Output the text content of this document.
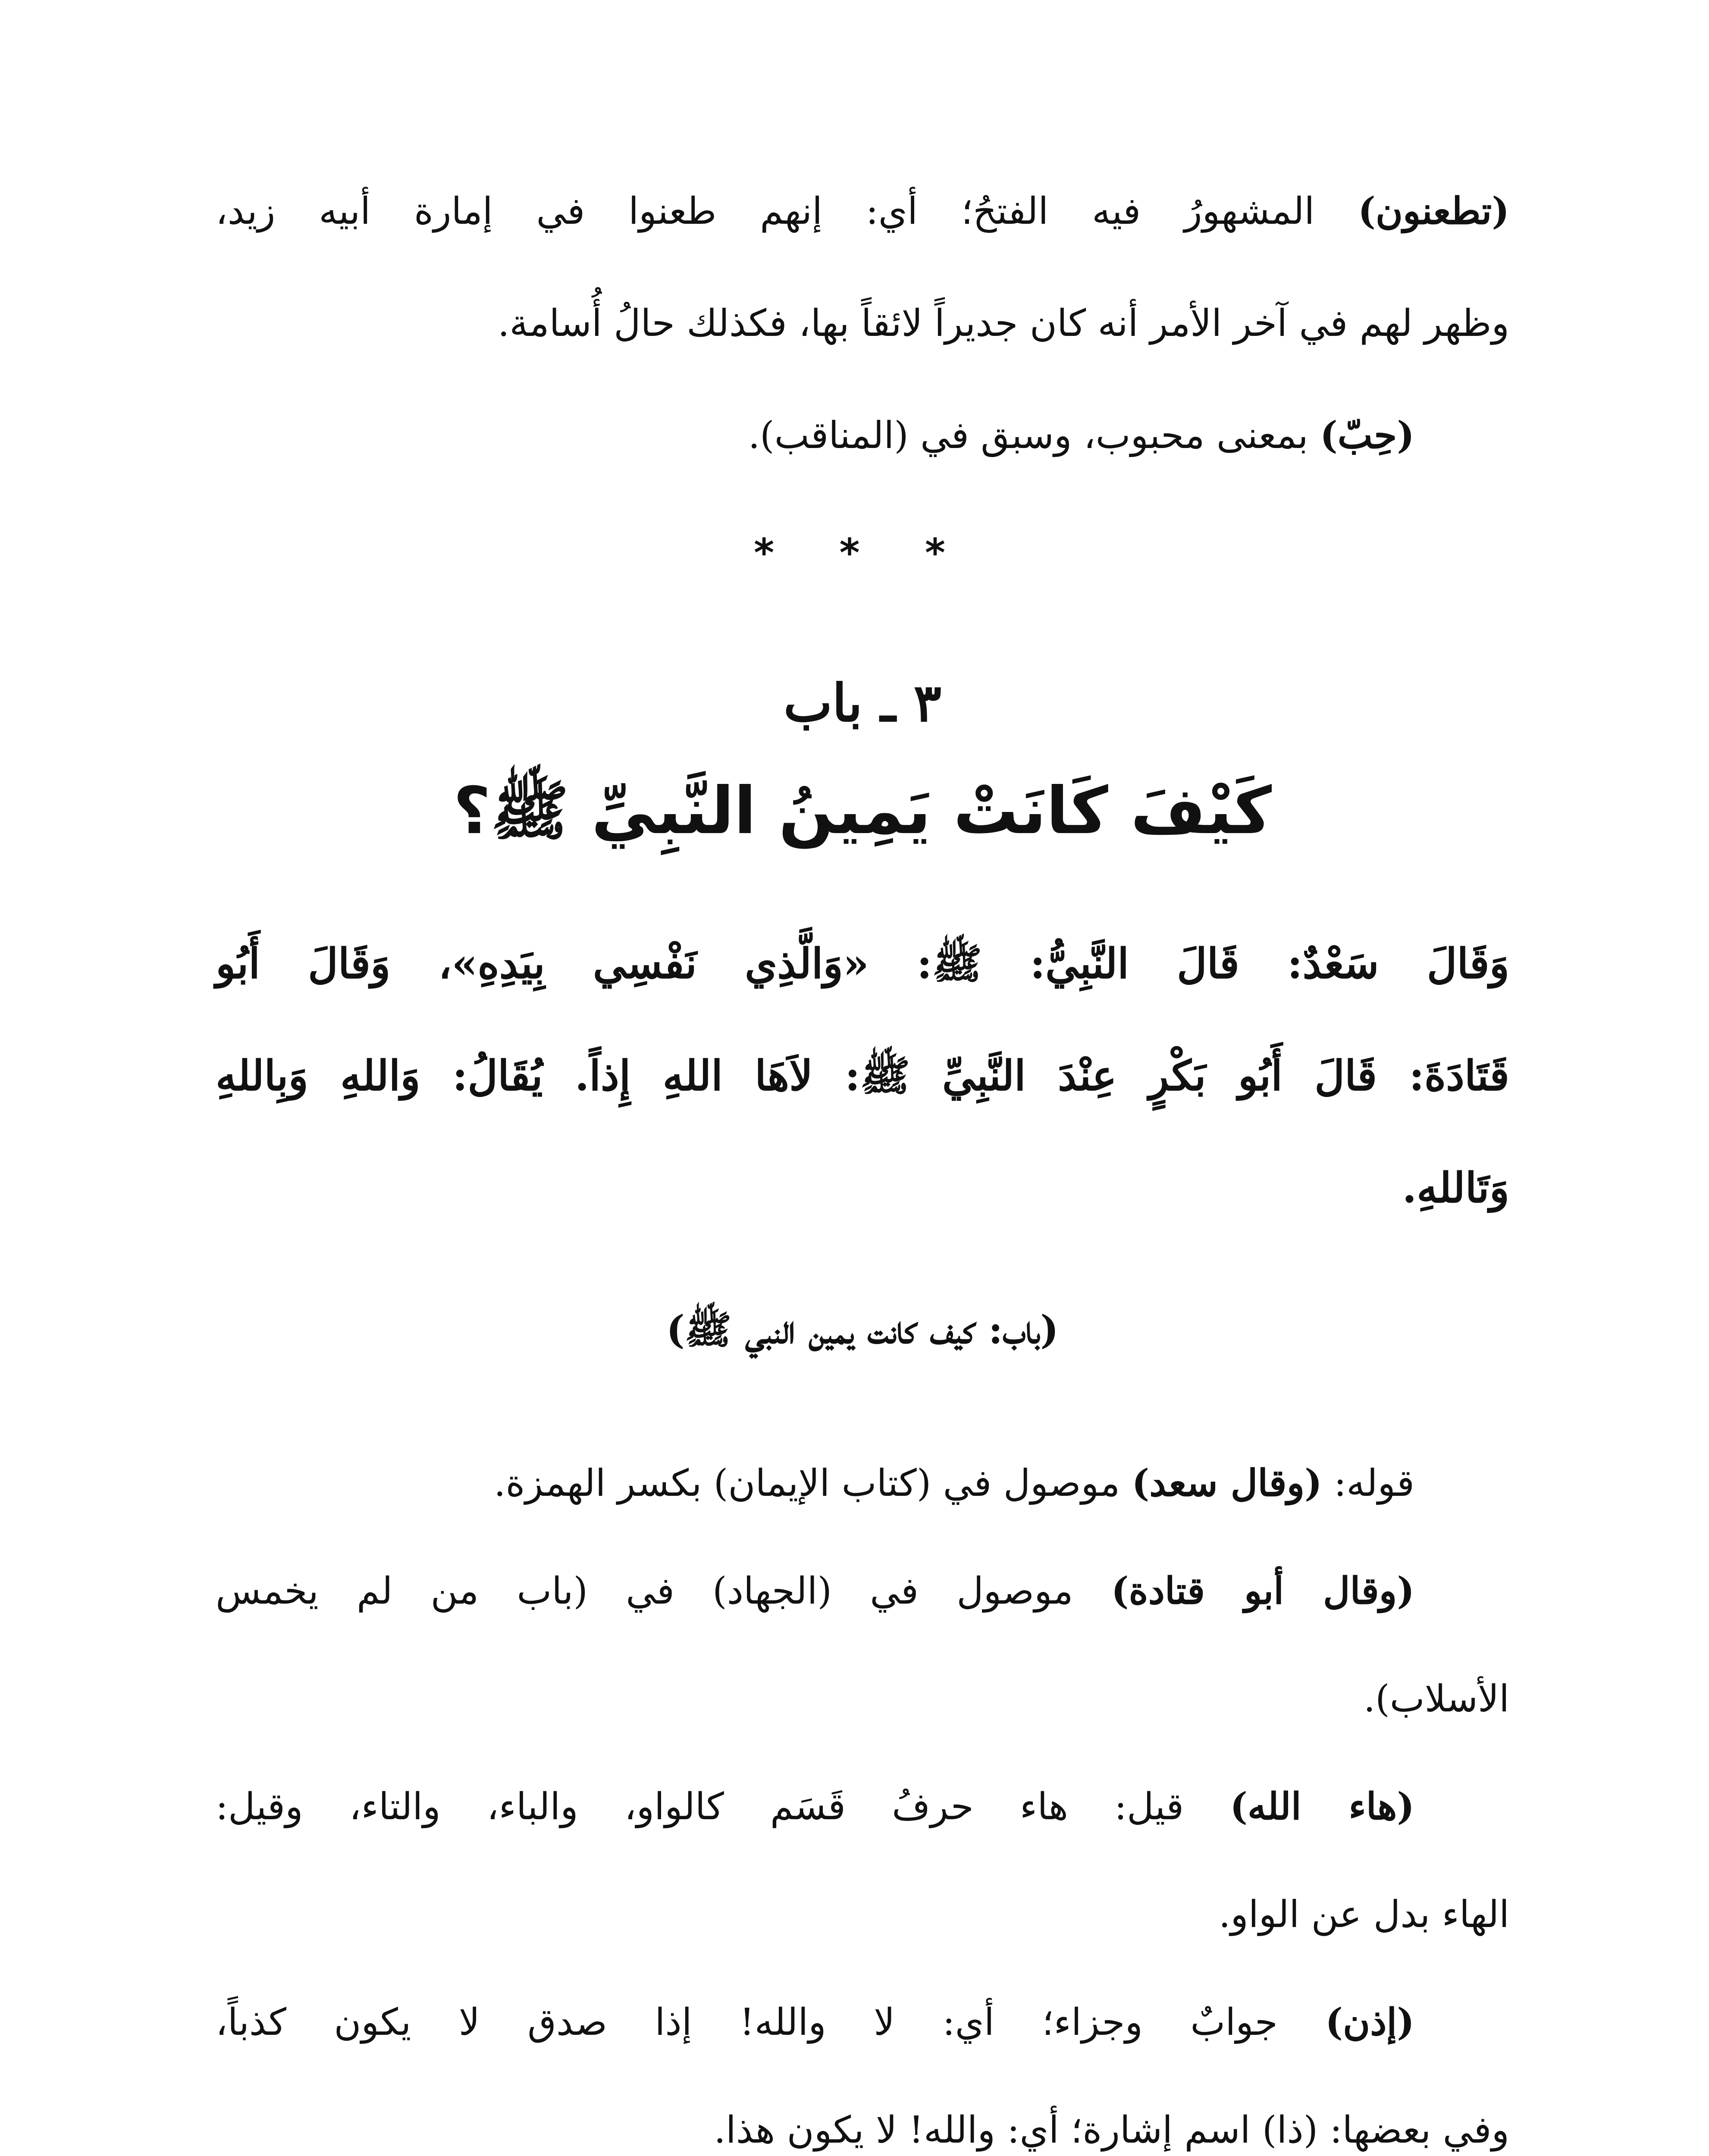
(تطعنون) المشهورُ فيه الفتحُ؛ أي: إنهم طعنوا في إمارة أبيه زيد،
وظهر لهم في آخر الأمر أنه كان جديراً لائقاً بها، فكذلك حالُ أُسامة.
(حِبّ) بمعنى محبوب، وسبق في (المناقب).
* * *
٣ ـ باب
كَيْفَ كَانَتْ يَمِينُ النَّبِيِّ ﷺ؟
وَقَالَ سَعْدٌ: قَالَ النَّبِيُّ: ﷺ: «وَالَّذِي نَفْسِي بِيَدِهِ»، وَقَالَ أَبُو
قَتَادَةَ: قَالَ أَبُو بَكْرٍ عِنْدَ النَّبِيِّ ﷺ: لاَهَا اللهِ إِذاً. يُقَالُ: وَاللهِ وَبِاللهِ
وَتَاللهِ.
(باب: كيف كانت يمين النبي ﷺ)
قوله: (وقال سعد) موصول في (كتاب الإيمان) بكسر الهمزة.
(وقال أبو قتادة) موصول في (الجهاد) في (باب من لم يخمس
الأسلاب).
(هاء الله) قيل: هاء حرفُ قَسَم كالواو، والباء، والتاء، وقيل:
الهاء بدل عن الواو.
(إذن) جوابٌ وجزاء؛ أي: لا والله! إذا صدق لا يكون كذباً،
وفي بعضها: (ذا) اسم إشارة؛ أي: والله! لا يكون هذا.
